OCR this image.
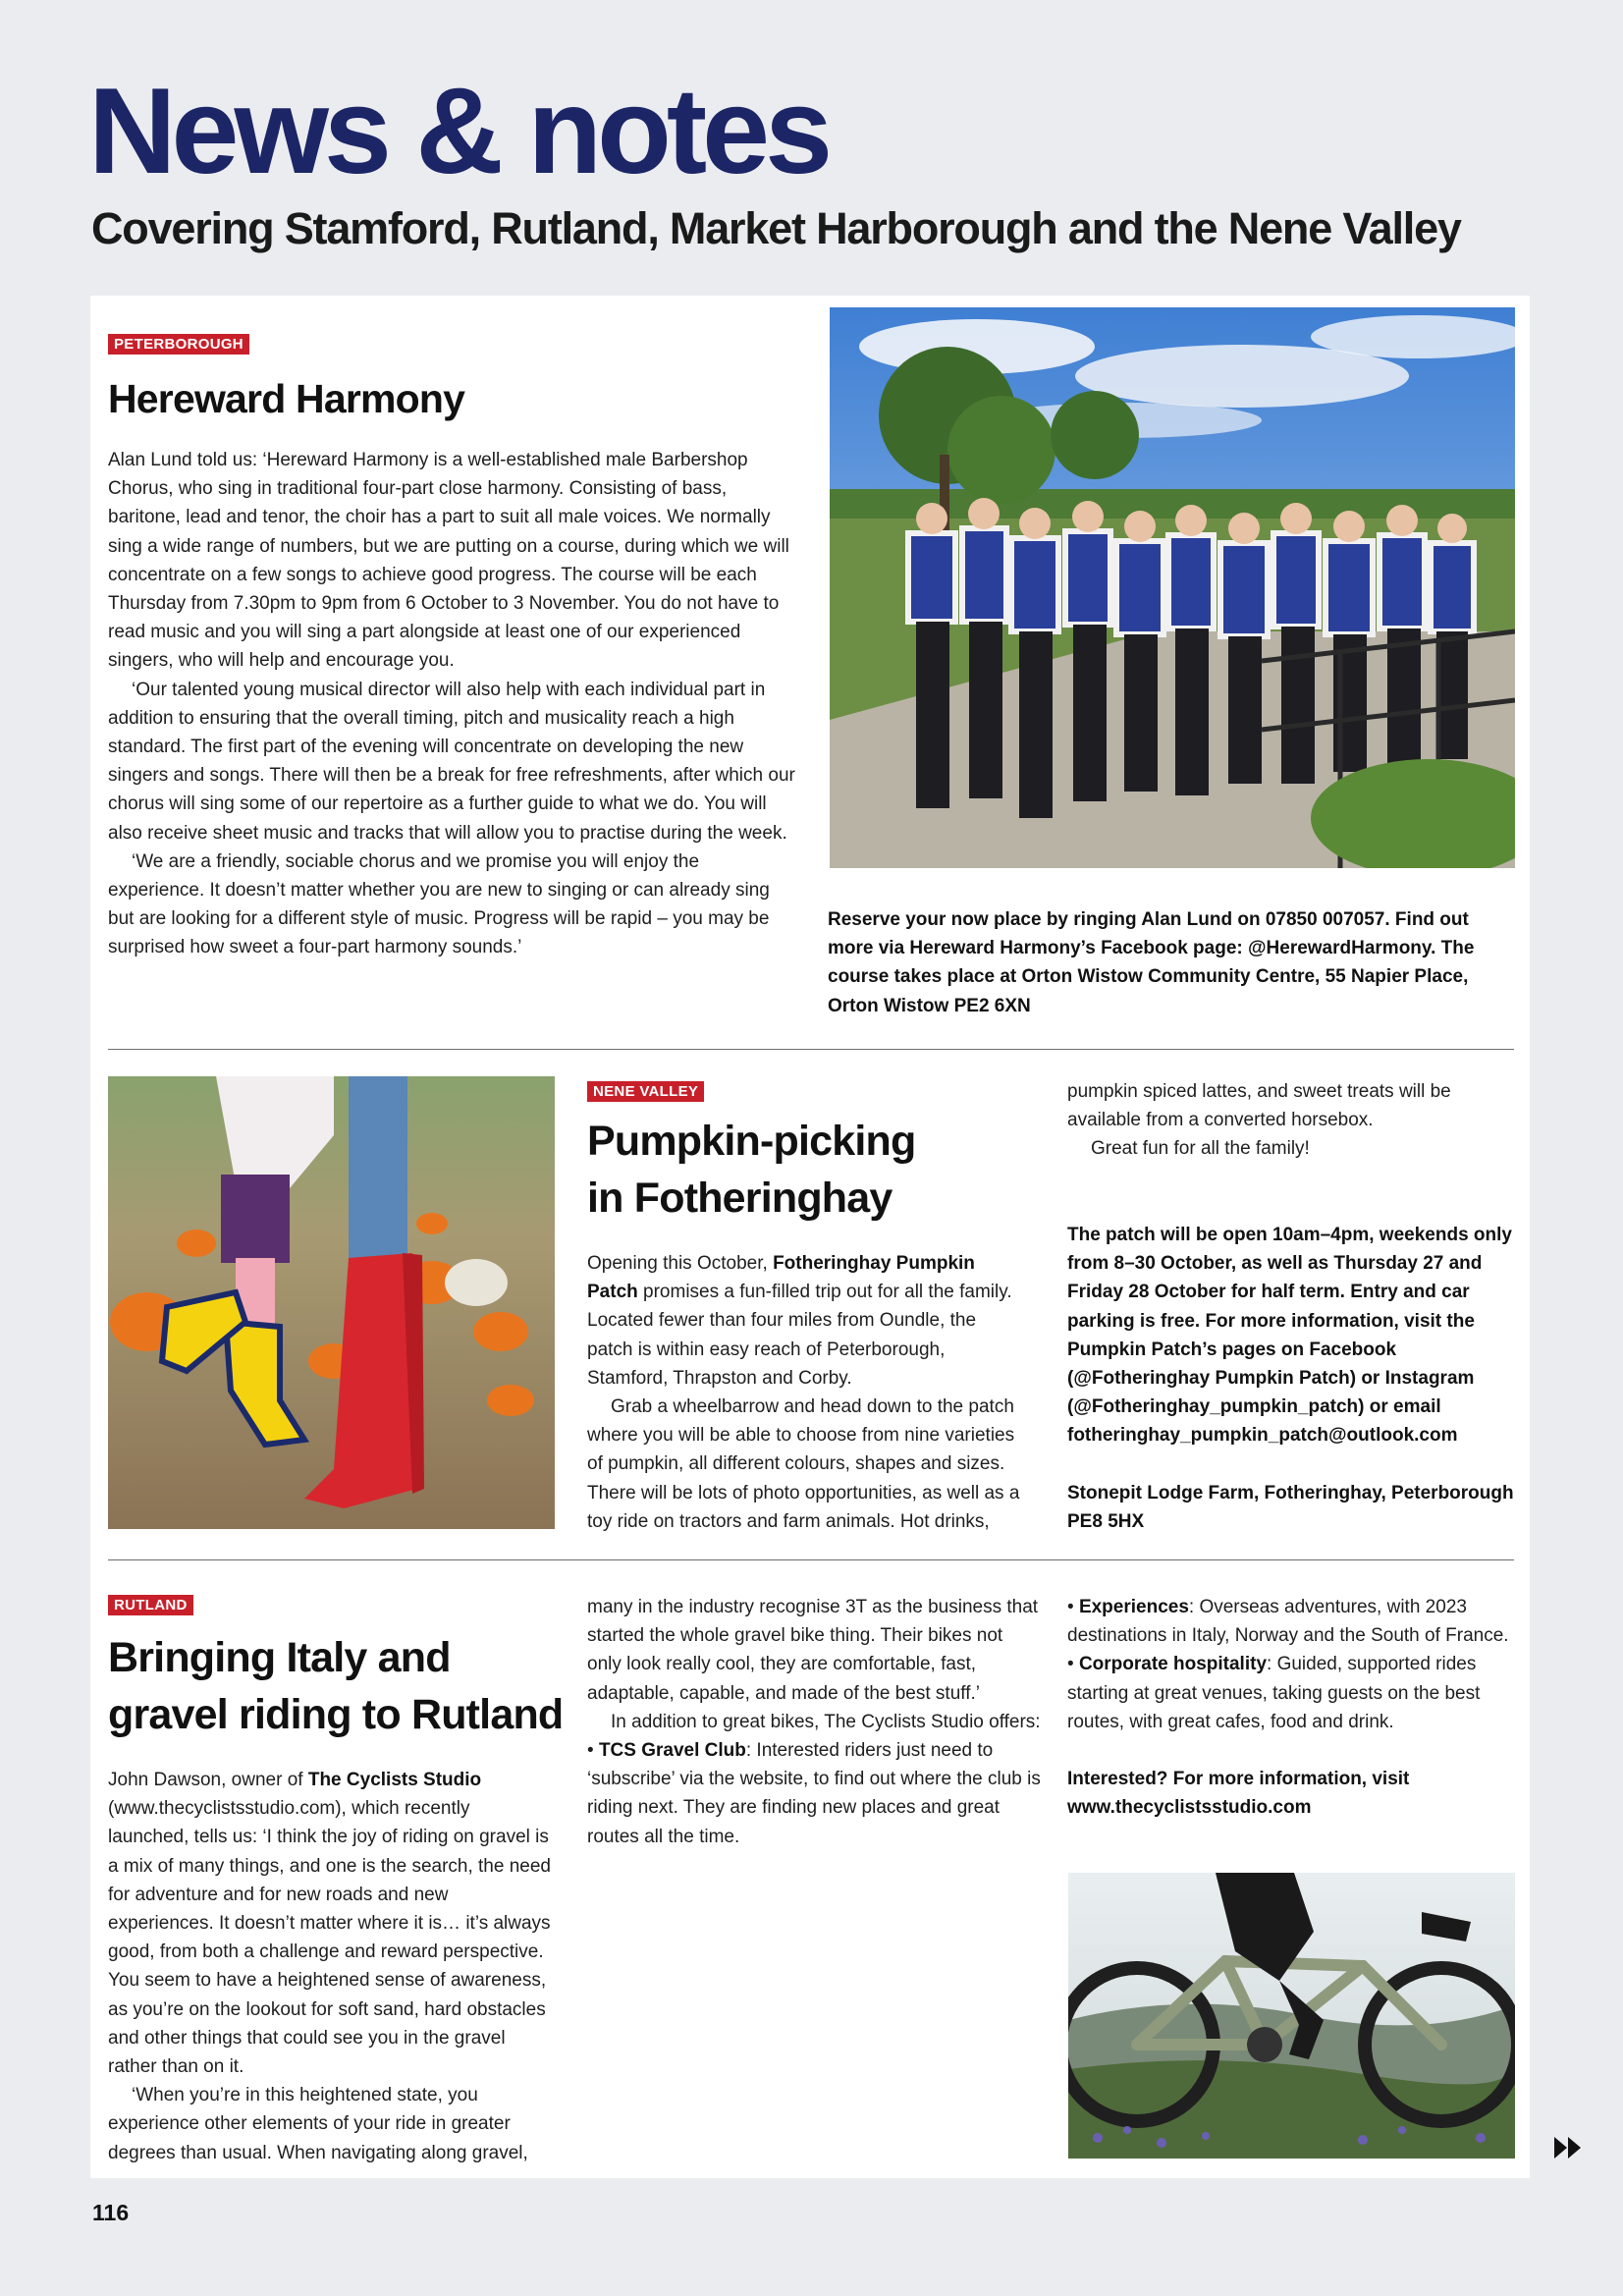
News & notes
Covering Stamford, Rutland, Market Harborough and the Nene Valley
PETERBOROUGH
Hereward Harmony

Alan Lund told us: ‘Hereward Harmony is a well-established male Barbershop Chorus, who sing in traditional four-part close harmony. Consisting of bass, baritone, lead and tenor, the choir has a part to suit all male voices. We normally sing a wide range of numbers, but we are putting on a course, during which we will concentrate on a few songs to achieve good progress. The course will be each Thursday from 7.30pm to 9pm from 6 October to 3 November. You do not have to read music and you will sing a part alongside at least one of our experienced singers, who will help and encourage you.

‘Our talented young musical director will also help with each individual part in addition to ensuring that the overall timing, pitch and musicality reach a high standard. The first part of the evening will concentrate on developing the new singers and songs. There will then be a break for free refreshments, after which our chorus will sing some of our repertoire as a further guide to what we do. You will also receive sheet music and tracks that will allow you to practise during the week.

‘We are a friendly, sociable chorus and we promise you will enjoy the experience. It doesn’t matter whether you are new to singing or can already sing but are looking for a different style of music. Progress will be rapid – you may be surprised how sweet a four-part harmony sounds.’

Reserve your now place by ringing Alan Lund on 07850 007057. Find out more via Hereward Harmony’s Facebook page: @HerewardHarmony. The course takes place at Orton Wistow Community Centre, 55 Napier Place, Orton Wistow PE2 6XN
NENE VALLEY
Pumpkin-picking
in Fotheringhay

Opening this October, Fotheringhay Pumpkin Patch promises a fun-filled trip out for all the family. Located fewer than four miles from Oundle, the patch is within easy reach of Peterborough, Stamford, Thrapston and Corby.

Grab a wheelbarrow and head down to the patch where you will be able to choose from nine varieties of pumpkin, all different colours, shapes and sizes. There will be lots of photo opportunities, as well as a toy ride on tractors and farm animals. Hot drinks,

pumpkin spiced lattes, and sweet treats will be available from a converted horsebox.

Great fun for all the family!

The patch will be open 10am–4pm, weekends only from 8–30 October, as well as Thursday 27 and Friday 28 October for half term. Entry and car parking is free. For more information, visit the Pumpkin Patch’s pages on Facebook (@Fotheringhay Pumpkin Patch) or Instagram (@Fotheringhay_pumpkin_patch) or email fotheringhay_pumpkin_patch@outlook.com

Stonepit Lodge Farm, Fotheringhay, Peterborough PE8 5HX

RUTLAND
Bringing Italy and
gravel riding to Rutland

John Dawson, owner of The Cyclists Studio (www.thecyclistsstudio.com), which recently launched, tells us: ‘I think the joy of riding on gravel is a mix of many things, and one is the search, the need for adventure and for new roads and new experiences. It doesn’t matter where it is… it’s always good, from both a challenge and reward perspective. You seem to have a heightened sense of awareness, as you’re on the lookout for soft sand, hard obstacles and other things that could see you in the gravel rather than on it.

‘When you’re in this heightened state, you experience other elements of your ride in greater degrees than usual. When navigating along gravel,

many in the industry recognise 3T as the business that started the whole gravel bike thing. Their bikes not only look really cool, they are comfortable, fast, adaptable, capable, and made of the best stuff.’

In addition to great bikes, The Cyclists Studio offers:

• TCS Gravel Club: Interested riders just need to ‘subscribe’ via the website, to find out where the club is riding next. They are finding new places and great routes all the time.

• Experiences: Overseas adventures, with 2023 destinations in Italy, Norway and the South of France.

• Corporate hospitality: Guided, supported rides starting at great venues, taking guests on the best routes, with great cafes, food and drink.

Interested? For more information, visit www.thecyclistsstudio.com

116
